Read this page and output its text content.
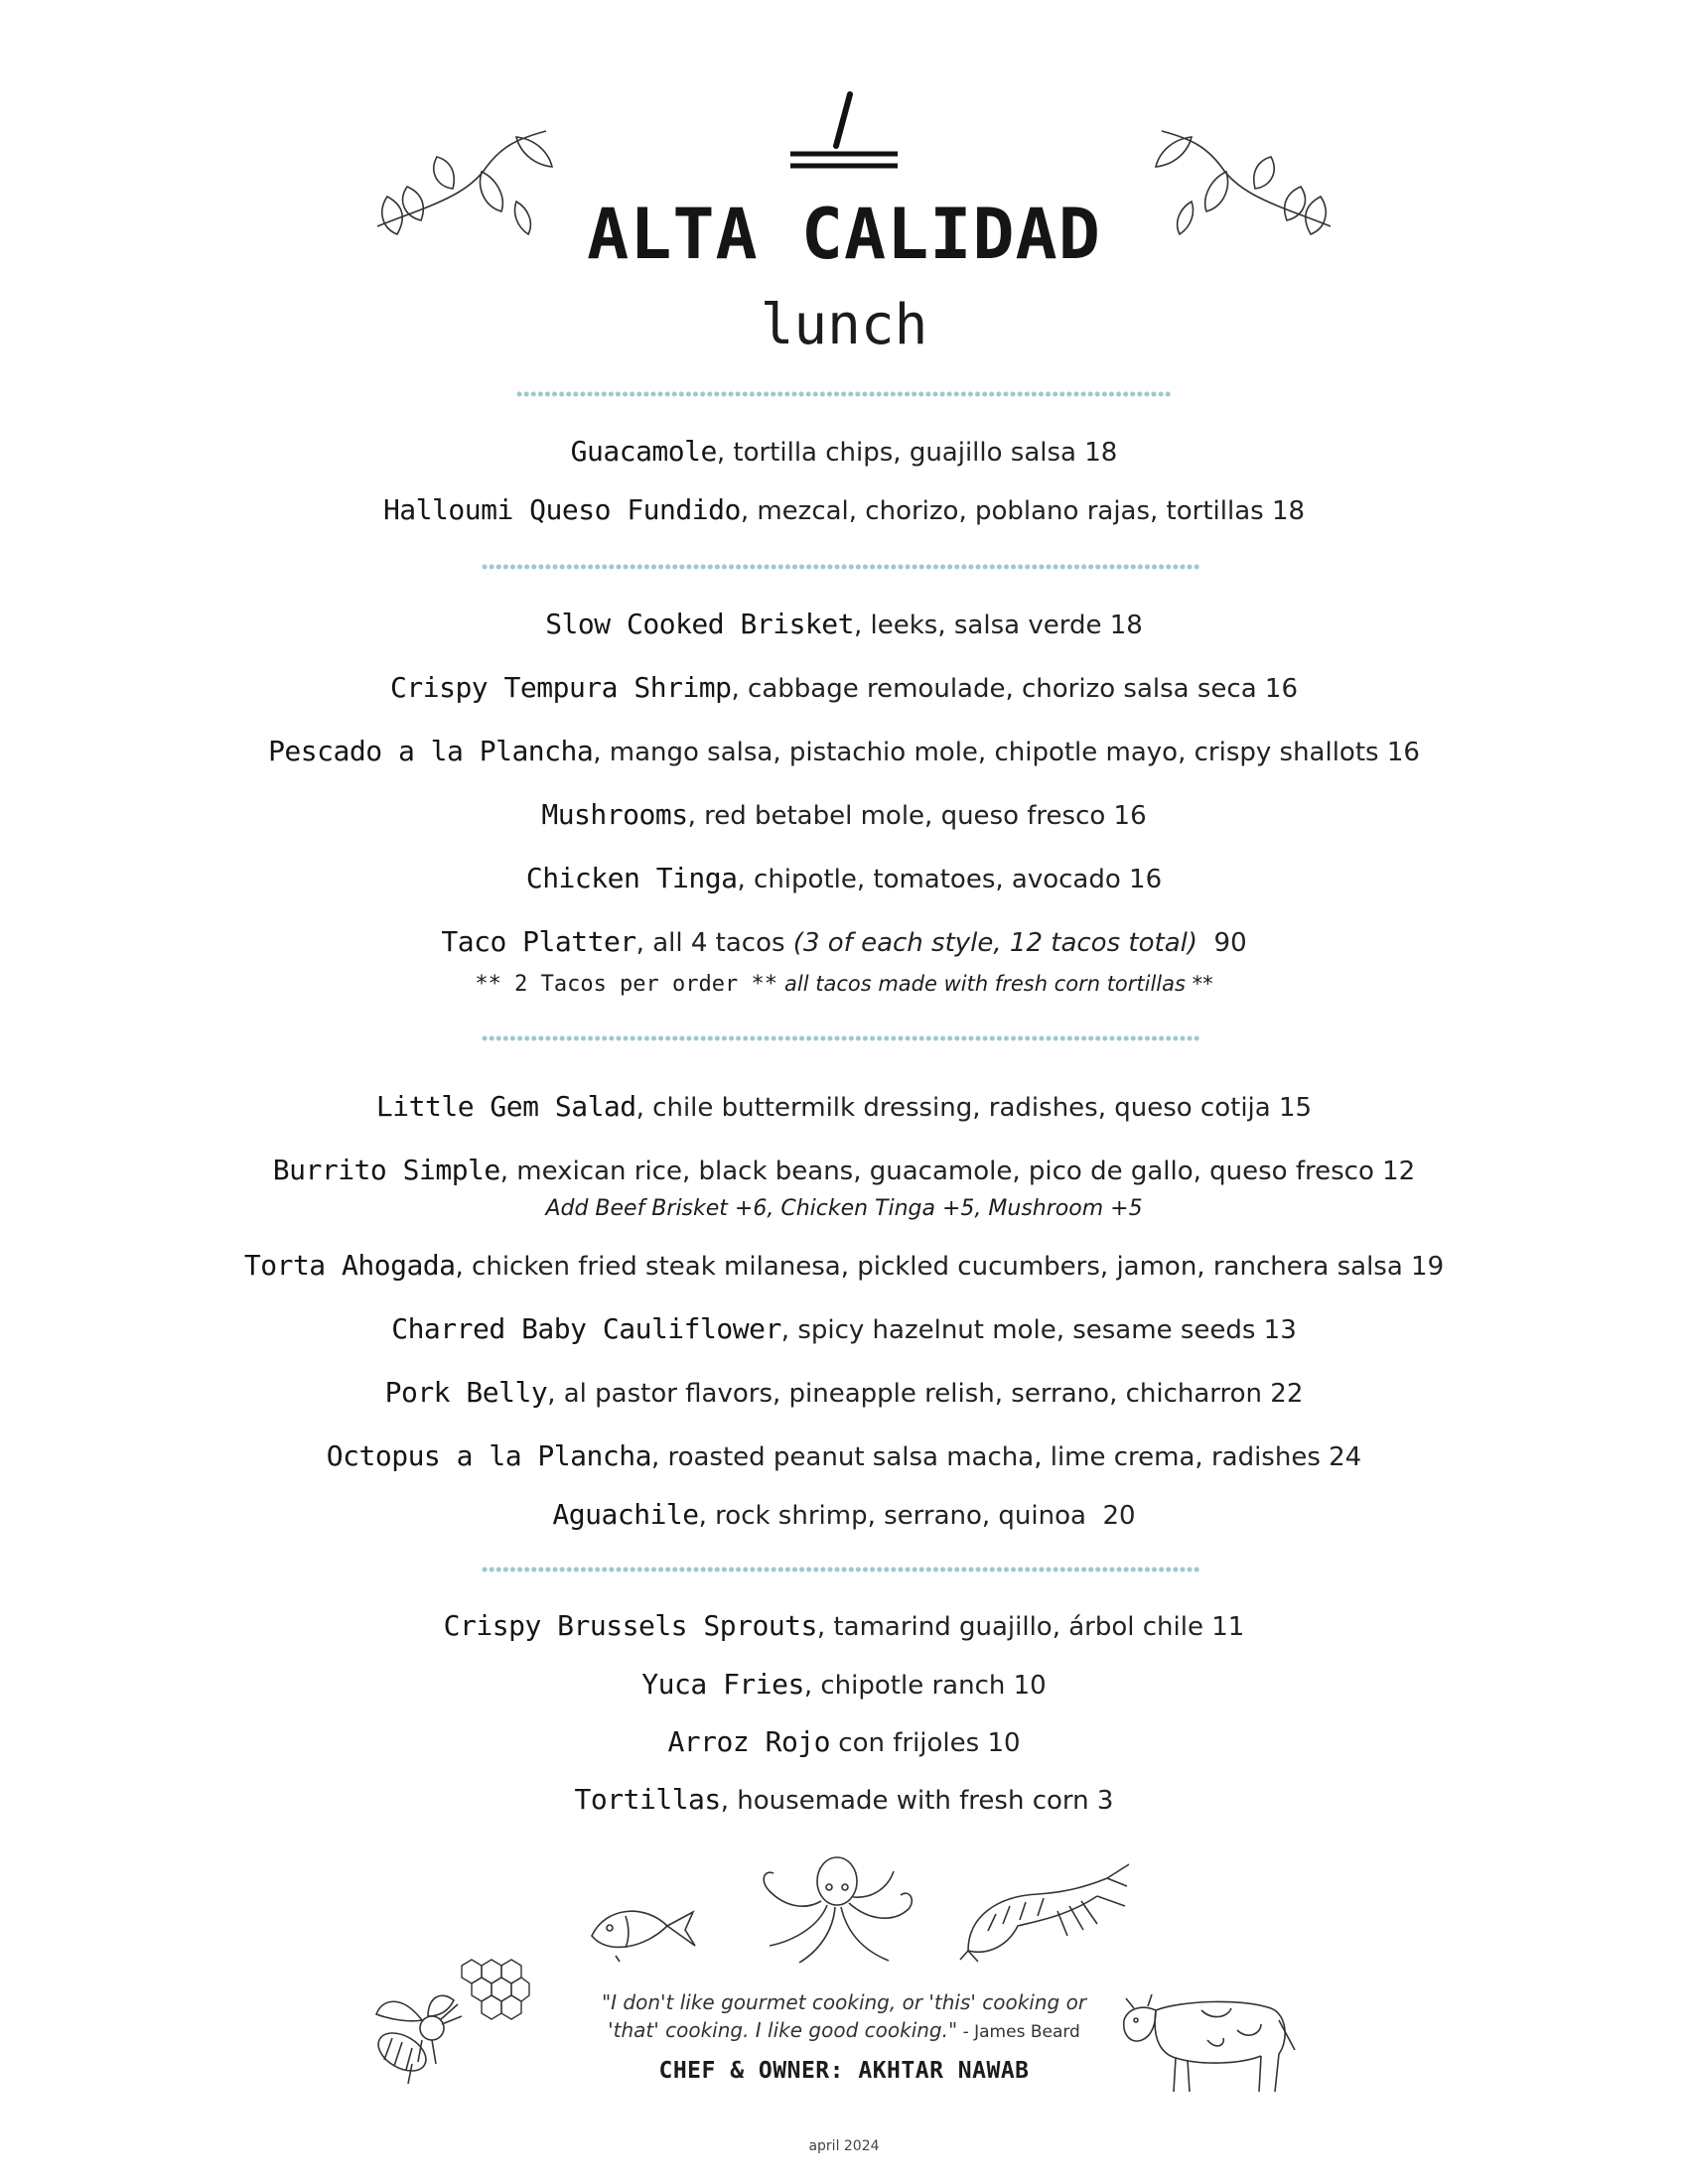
ALTA CALIDAD
lunch
Guacamole, tortilla chips, guajillo salsa 18
Halloumi Queso Fundido, mezcal, chorizo, poblano rajas, tortillas 18
Slow Cooked Brisket, leeks, salsa verde 18
Crispy Tempura Shrimp, cabbage remoulade, chorizo salsa seca 16
Pescado a la Plancha, mango salsa, pistachio mole, chipotle mayo, crispy shallots 16
Mushrooms, red betabel mole, queso fresco 16
Chicken Tinga, chipotle, tomatoes, avocado 16
Taco Platter, all 4 tacos (3 of each style, 12 tacos total)  90
** 2 Tacos per order ** all tacos made with fresh corn tortillas **
Little Gem Salad, chile buttermilk dressing, radishes, queso cotija 15
Burrito Simple, mexican rice, black beans, guacamole, pico de gallo, queso fresco 12
Add Beef Brisket +6, Chicken Tinga +5, Mushroom +5
Torta Ahogada, chicken fried steak milanesa, pickled cucumbers, jamon, ranchera salsa 19
Charred Baby Cauliflower, spicy hazelnut mole, sesame seeds 13
Pork Belly, al pastor flavors, pineapple relish, serrano, chicharron 22
Octopus a la Plancha, roasted peanut salsa macha, lime crema, radishes 24
Aguachile, rock shrimp, serrano, quinoa  20
Crispy Brussels Sprouts, tamarind guajillo, árbol chile 11
Yuca Fries, chipotle ranch 10
Arroz Rojo con frijoles 10
Tortillas, housemade with fresh corn 3
"I don't like gourmet cooking, or 'this' cooking or
'that' cooking. I like good cooking." - James Beard
CHEF & OWNER: AKHTAR NAWAB
april 2024
